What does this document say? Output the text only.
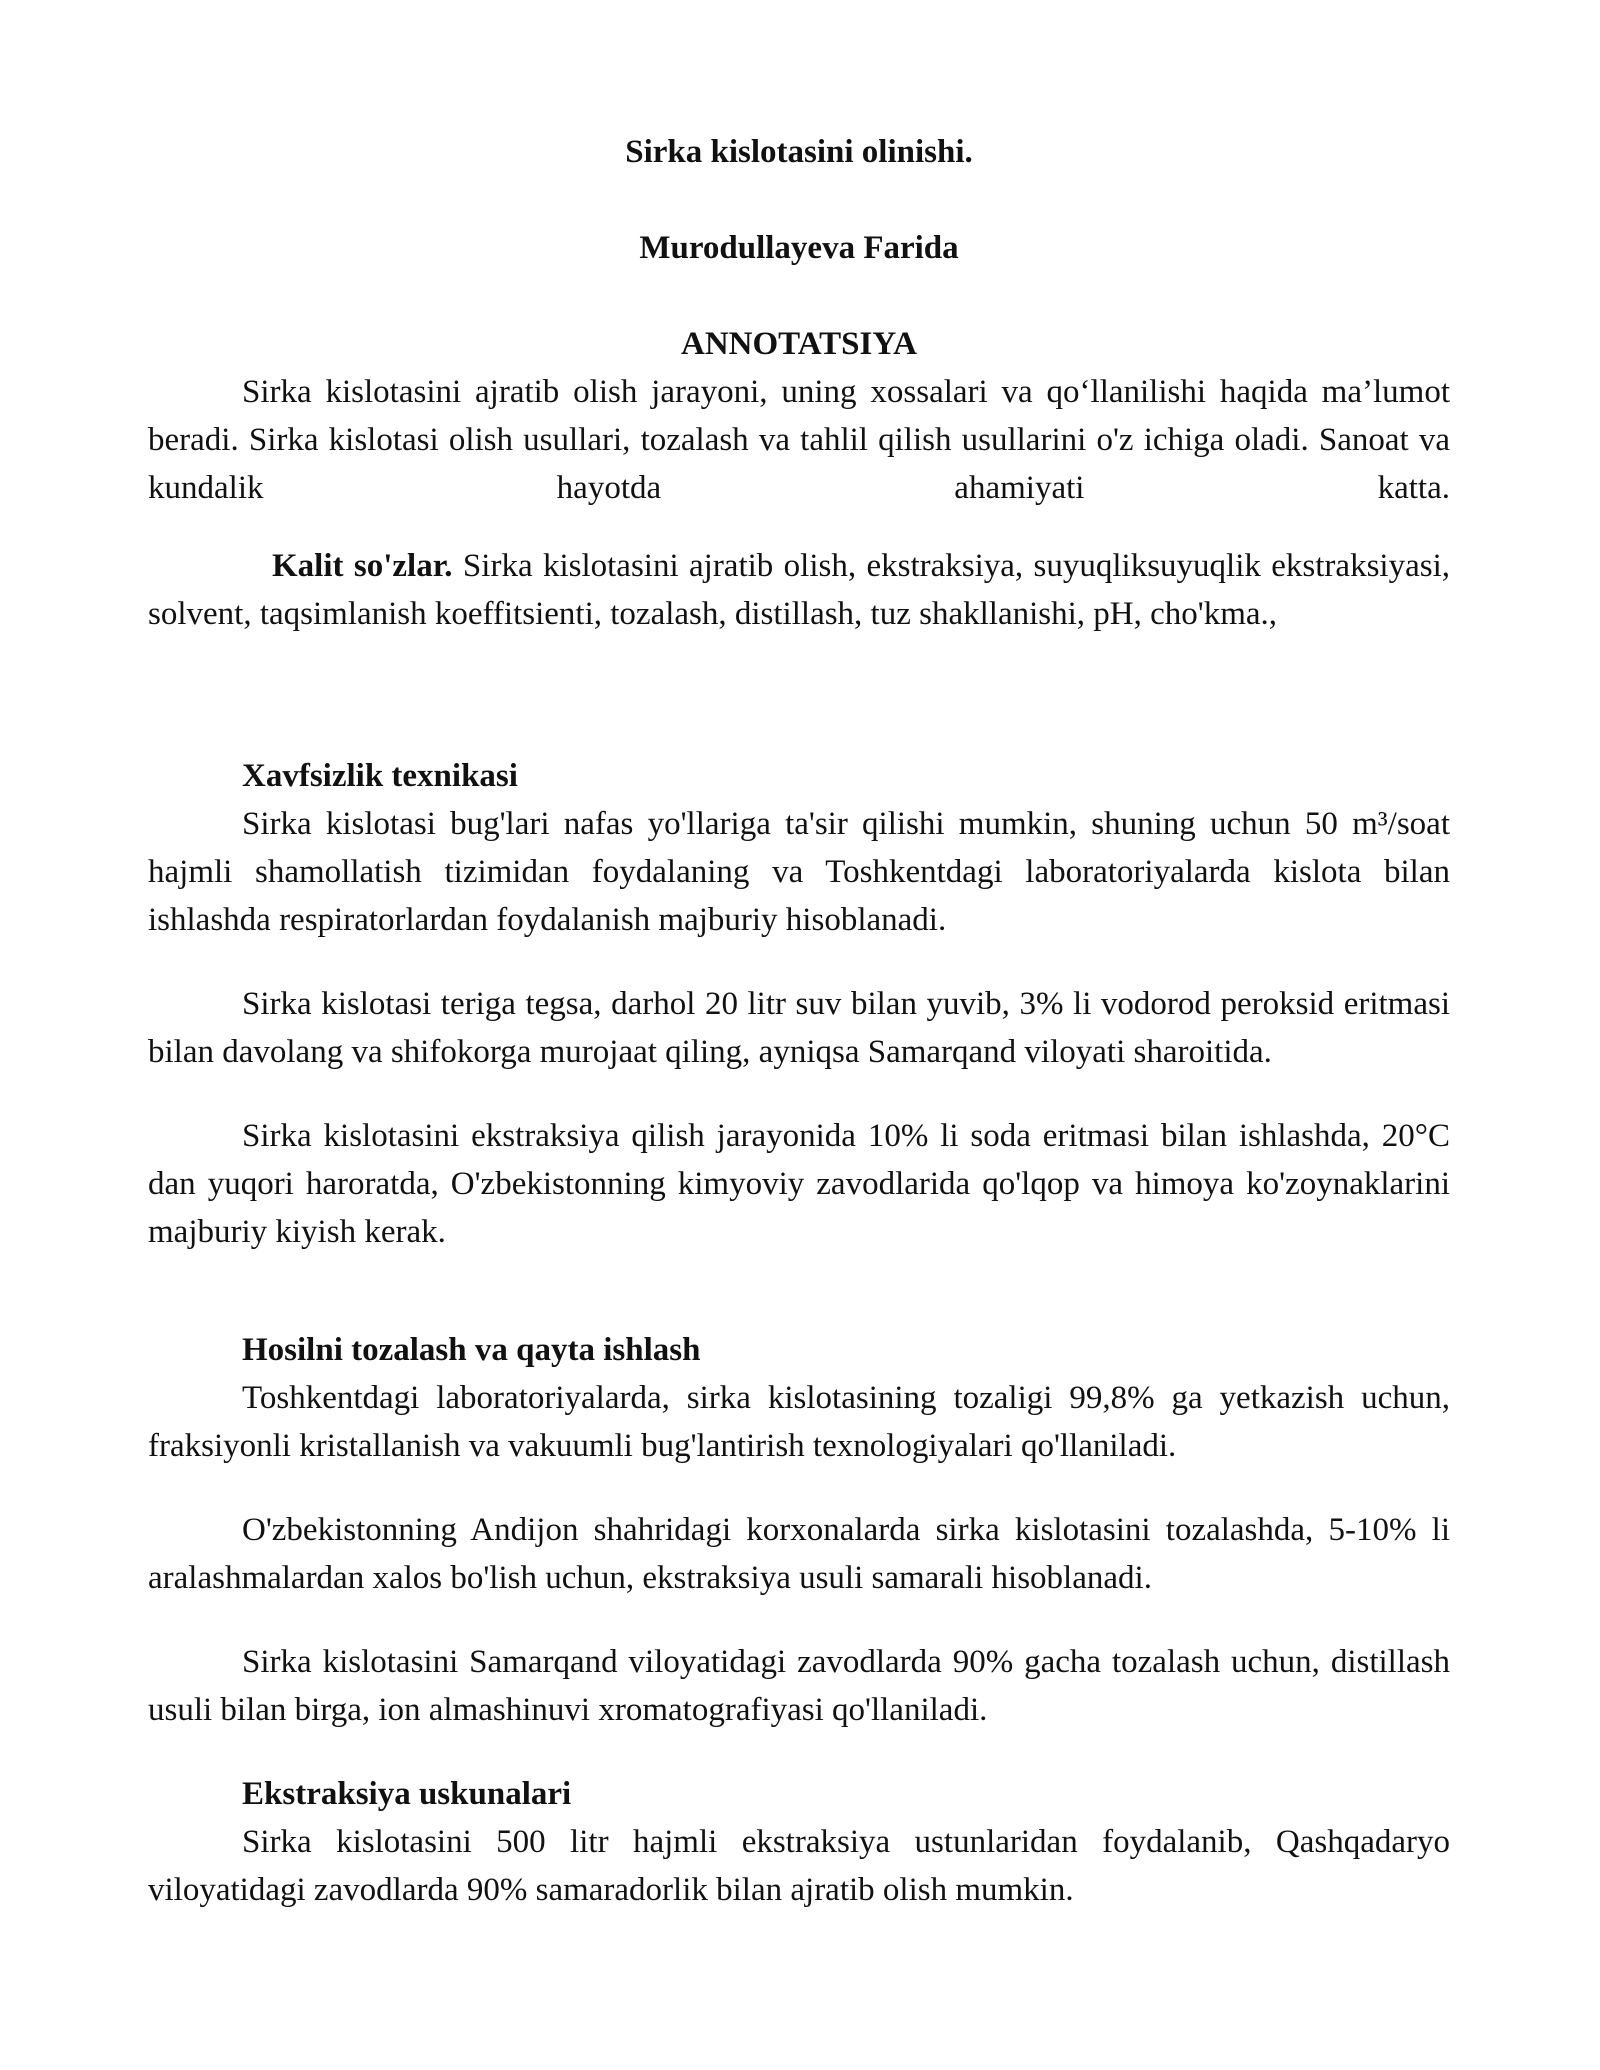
Sirka kislotasini olinishi.
Murodullayeva Farida
ANNOTATSIYA

Sirka kislotasini ajratib olish jarayoni, uning xossalari va qo‘llanilishi haqida ma’lumot beradi. Sirka kislotasi olish usullari, tozalash va tahlil qilish usullarini o'z ichiga oladi. Sanoat va kundalik hayotda ahamiyati katta.

Kalit so'zlar. Sirka kislotasini ajratib olish, ekstraksiya, suyuqliksuyuqlik ekstraksiyasi, solvent, taqsimlanish koeffitsienti, tozalash, distillash, tuz shakllanishi, pH, cho'kma.,

Xavfsizlik texnikasi

Sirka kislotasi bug'lari nafas yo'llariga ta'sir qilishi mumkin, shuning uchun 50 m³/soat hajmli shamollatish tizimidan foydalaning va Toshkentdagi laboratoriyalarda kislota bilan ishlashda respiratorlardan foydalanish majburiy hisoblanadi.

Sirka kislotasi teriga tegsa, darhol 20 litr suv bilan yuvib, 3% li vodorod peroksid eritmasi bilan davolang va shifokorga murojaat qiling, ayniqsa Samarqand viloyati sharoitida.

Sirka kislotasini ekstraksiya qilish jarayonida 10% li soda eritmasi bilan ishlashda, 20°C dan yuqori haroratda, O'zbekistonning kimyoviy zavodlarida qo'lqop va himoya ko'zoynaklarini majburiy kiyish kerak.

Hosilni tozalash va qayta ishlash

Toshkentdagi laboratoriyalarda, sirka kislotasining tozaligi 99,8% ga yetkazish uchun, fraksiyonli kristallanish va vakuumli bug'lantirish texnologiyalari qo'llaniladi.

O'zbekistonning Andijon shahridagi korxonalarda sirka kislotasini tozalashda, 5-10% li aralashmalardan xalos bo'lish uchun, ekstraksiya usuli samarali hisoblanadi.

Sirka kislotasini Samarqand viloyatidagi zavodlarda 90% gacha tozalash uchun, distillash usuli bilan birga, ion almashinuvi xromatografiyasi qo'llaniladi.

Ekstraksiya uskunalari

Sirka kislotasini 500 litr hajmli ekstraksiya ustunlaridan foydalanib, Qashqadaryo viloyatidagi zavodlarda 90% samaradorlik bilan ajratib olish mumkin.
